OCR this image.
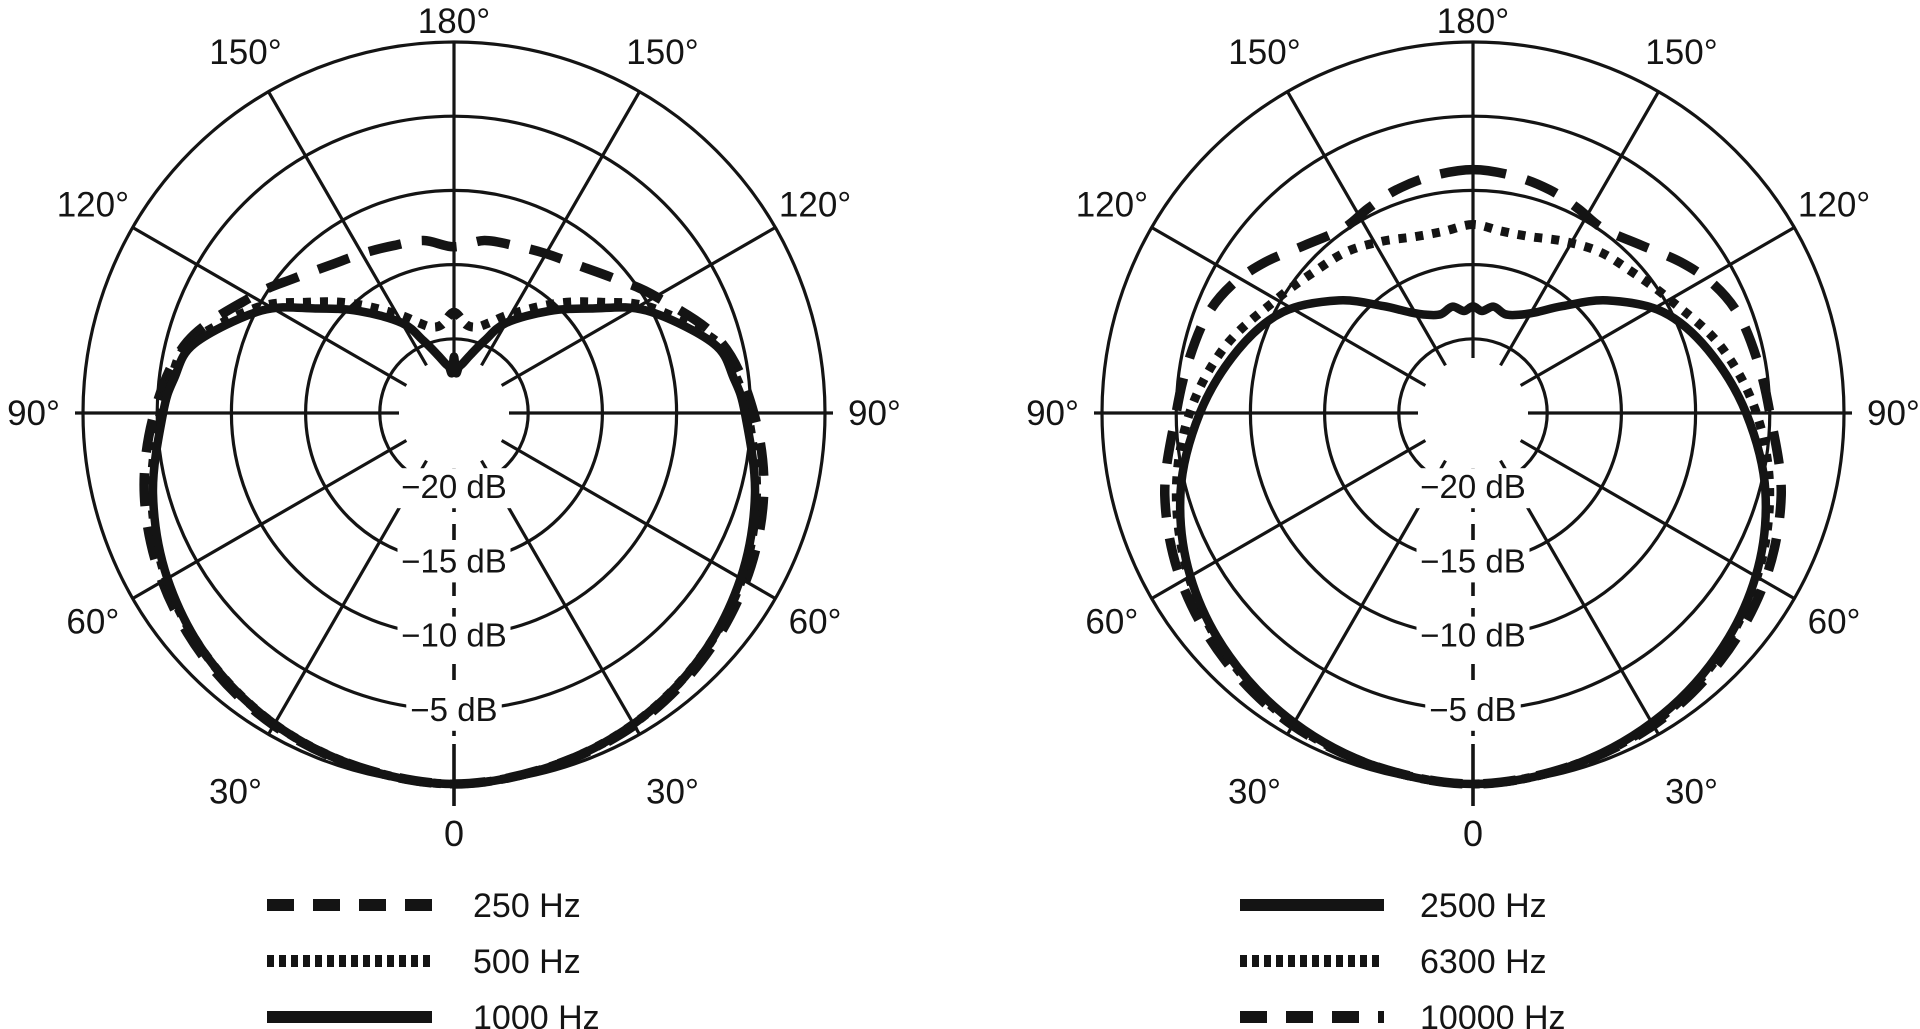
−20 dB
−15 dB
−10 dB
−5 dB
180°
150°	150°
120°	120°
90°	90°
60°	60°
30°	30°
0
250 Hz
500 Hz
1000 Hz
−20 dB
−15 dB
−10 dB
−5 dB
180°
150°	150°
120°	120°
90°	90°
60°	60°
30°	30°
0
2500 Hz
6300 Hz
10000 Hz
